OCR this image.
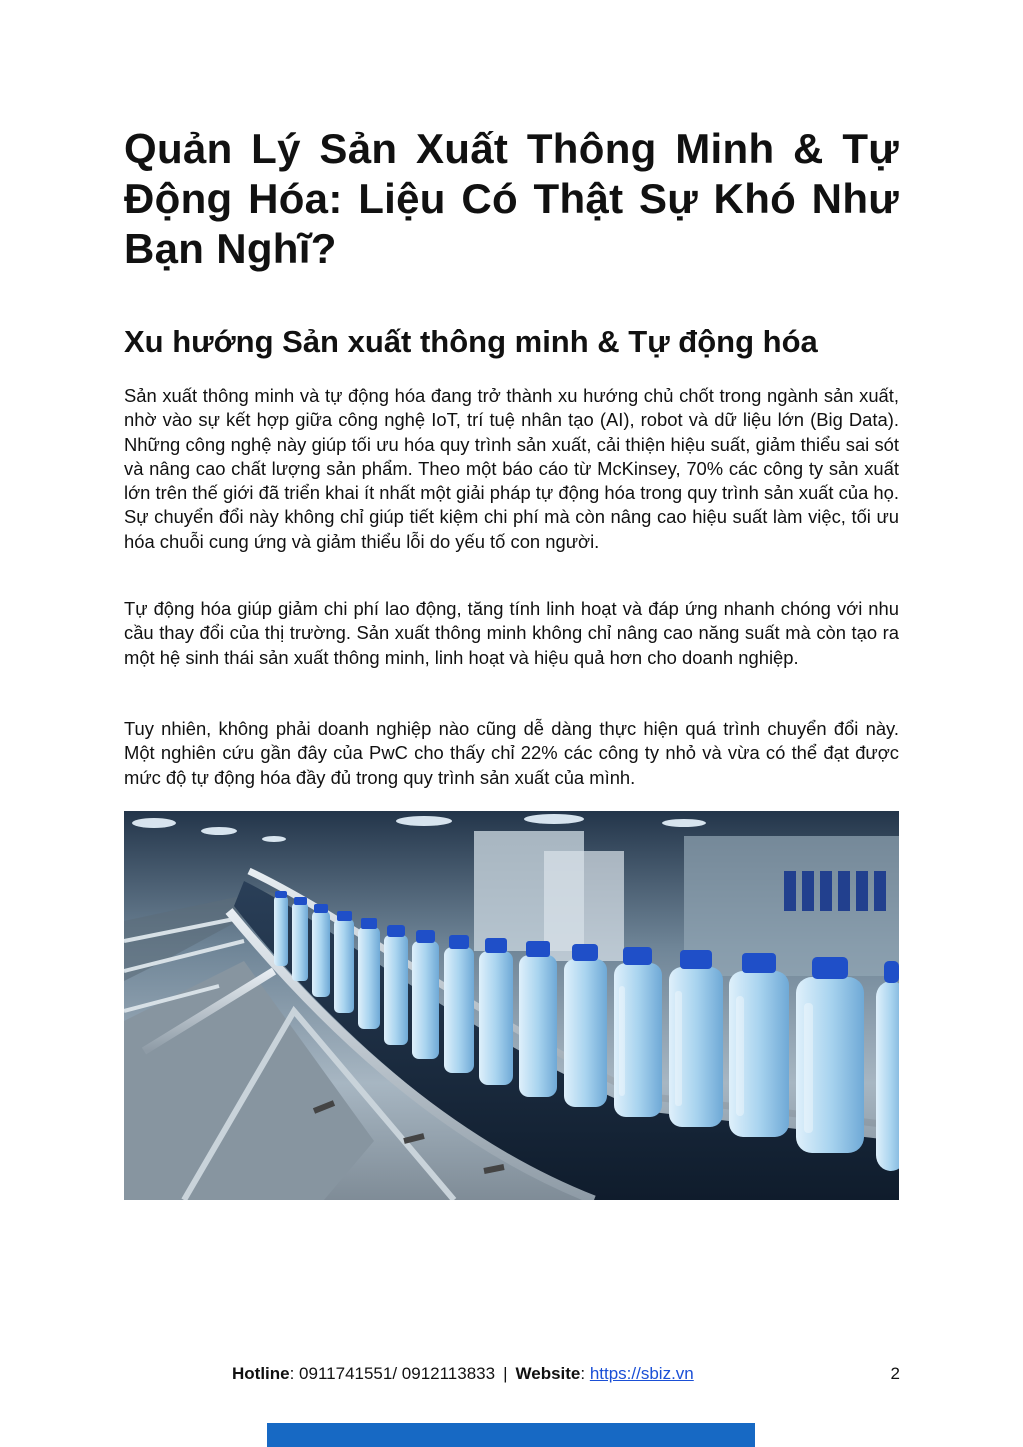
Quản Lý Sản Xuất Thông Minh & Tự Động Hóa: Liệu Có Thật Sự Khó Như Bạn Nghĩ?
Xu hướng Sản xuất thông minh & Tự động hóa

Sản xuất thông minh và tự động hóa đang trở thành xu hướng chủ chốt trong ngành sản xuất, nhờ vào sự kết hợp giữa công nghệ IoT, trí tuệ nhân tạo (AI), robot và dữ liệu lớn (Big Data). Những công nghệ này giúp tối ưu hóa quy trình sản xuất, cải thiện hiệu suất, giảm thiểu sai sót và nâng cao chất lượng sản phẩm. Theo một báo cáo từ McKinsey, 70% các công ty sản xuất lớn trên thế giới đã triển khai ít nhất một giải pháp tự động hóa trong quy trình sản xuất của họ. Sự chuyển đổi này không chỉ giúp tiết kiệm chi phí mà còn nâng cao hiệu suất làm việc, tối ưu hóa chuỗi cung ứng và giảm thiểu lỗi do yếu tố con người.

Tự động hóa giúp giảm chi phí lao động, tăng tính linh hoạt và đáp ứng nhanh chóng với nhu cầu thay đổi của thị trường. Sản xuất thông minh không chỉ nâng cao năng suất mà còn tạo ra một hệ sinh thái sản xuất thông minh, linh hoạt và hiệu quả hơn cho doanh nghiệp.

Tuy nhiên, không phải doanh nghiệp nào cũng dễ dàng thực hiện quá trình chuyển đổi này. Một nghiên cứu gần đây của PwC cho thấy chỉ 22% các công ty nhỏ và vừa có thể đạt được mức độ tự động hóa đầy đủ trong quy trình sản xuất của mình.

Hotline: 0911741551/ 0912113833 | Website: https://sbiz.vn	2
